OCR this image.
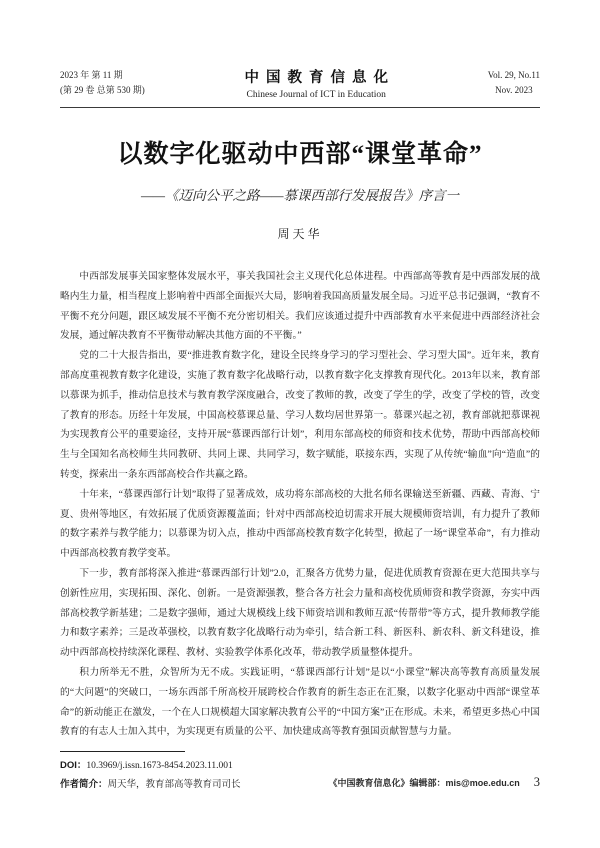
2023 年 第 11 期
(第 29 卷 总第 530 期)
中国教育信息化
Chinese Journal of ICT in Education
Vol. 29, No.11
Nov. 2023
以数字化驱动中西部“课堂革命”
——《迈向公平之路——慕课西部行发展报告》序言一
周天华

中西部发展事关国家整体发展水平，事关我国社会主义现代化总体进程。中西部高等教育是中西部发展的战略内生力量，相当程度上影响着中西部全面振兴大局，影响着我国高质量发展全局。习近平总书记强调，“教育不平衡不充分问题，跟区域发展不平衡不充分密切相关。我们应该通过提升中西部教育水平来促进中西部经济社会发展，通过解决教育不平衡带动解决其他方面的不平衡。”

党的二十大报告指出，要“推进教育数字化，建设全民终身学习的学习型社会、学习型大国”。近年来，教育部高度重视教育数字化建设，实施了教育数字化战略行动，以教育数字化支撑教育现代化。2013年以来，教育部以慕课为抓手，推动信息技术与教育教学深度融合，改变了教师的教，改变了学生的学，改变了学校的管，改变了教育的形态。历经十年发展，中国高校慕课总量、学习人数均居世界第一。慕课兴起之初，教育部就把慕课视为实现教育公平的重要途径，支持开展“慕课西部行计划”，利用东部高校的师资和技术优势，帮助中西部高校师生与全国知名高校师生共同教研、共同上课、共同学习，数字赋能，联接东西，实现了从传统“输血”向“造血”的转变，探索出一条东西部高校合作共赢之路。

十年来，“慕课西部行计划”取得了显著成效，成功将东部高校的大批名师名课输送至新疆、西藏、青海、宁夏、贵州等地区，有效拓展了优质资源覆盖面；针对中西部高校迫切需求开展大规模师资培训，有力提升了教师的数字素养与教学能力；以慕课为切入点，推动中西部高校教育数字化转型，掀起了一场“课堂革命”，有力推动中西部高校教育教学变革。

下一步，教育部将深入推进“慕课西部行计划”2.0，汇聚各方优势力量，促进优质教育资源在更大范围共享与创新性应用，实现拓围、深化、创新。一是资源强教，整合各方社会力量和高校优质师资和教学资源，夯实中西部高校教学新基建；二是数字强师，通过大规模线上线下师资培训和教师互派“传帮带”等方式，提升教师教学能力和数字素养；三是改革强校，以教育数字化战略行动为牵引，结合新工科、新医科、新农科、新文科建设，推动中西部高校持续深化课程、教材、实验教学体系化改革，带动教学质量整体提升。

积力所举无不胜，众智所为无不成。实践证明，“慕课西部行计划”是以“小课堂”解决高等教育高质量发展的“大问题”的突破口，一场东西部千所高校开展跨校合作教育的新生态正在汇聚，以数字化驱动中西部“课堂革命”的新动能正在激发，一个在人口规模超大国家解决教育公平的“中国方案”正在形成。未来，希望更多热心中国教育的有志人士加入其中，为实现更有质量的公平、加快建成高等教育强国贡献智慧与力量。

DOI：10.3969/j.issn.1673-8454.2023.11.001
作者简介：周天华，教育部高等教育司司长	《中国教育信息化》编辑部：mis@moe.edu.cn 3
